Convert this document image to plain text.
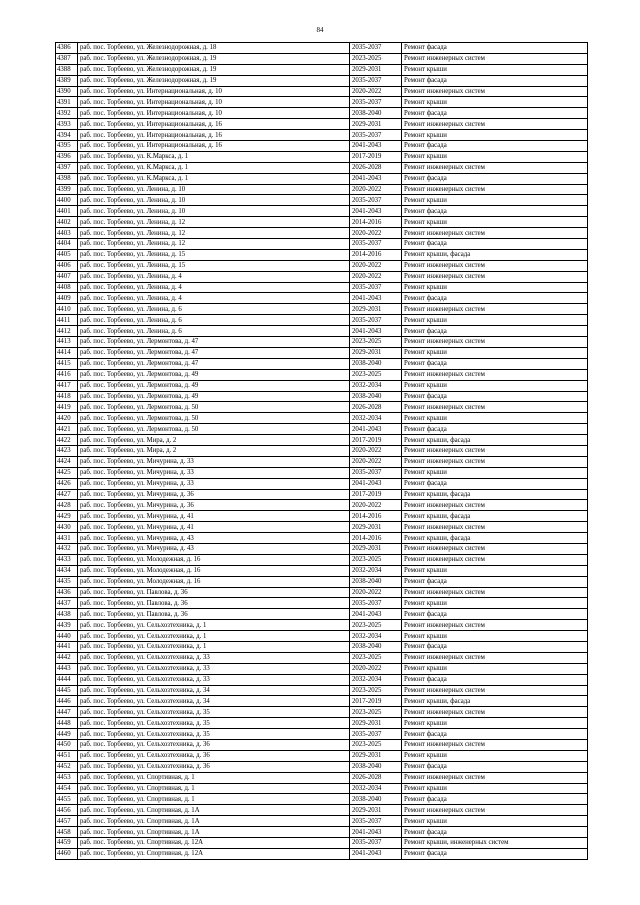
84
4386	раб. пос. Торбеево, ул. Железнодорожная, д. 18	2035-2037	Ремонт фасада
4387	раб. пос. Торбеево, ул. Железнодорожная, д. 19	2023-2025	Ремонт инженерных систем
4388	раб. пос. Торбеево, ул. Железнодорожная, д. 19	2029-2031	Ремонт крыши
4389	раб. пос. Торбеево, ул. Железнодорожная, д. 19	2035-2037	Ремонт фасада
4390	раб. пос. Торбеево, ул. Интернациональная, д. 10	2020-2022	Ремонт инженерных систем
4391	раб. пос. Торбеево, ул. Интернациональная, д. 10	2035-2037	Ремонт крыши
4392	раб. пос. Торбеево, ул. Интернациональная, д. 10	2038-2040	Ремонт фасада
4393	раб. пос. Торбеево, ул. Интернациональная, д. 16	2029-2031	Ремонт инженерных систем
4394	раб. пос. Торбеево, ул. Интернациональная, д. 16	2035-2037	Ремонт крыши
4395	раб. пос. Торбеево, ул. Интернациональная, д. 16	2041-2043	Ремонт фасада
4396	раб. пос. Торбеево, ул. К.Маркса, д. 1	2017-2019	Ремонт крыши
4397	раб. пос. Торбеево, ул. К.Маркса, д. 1	2026-2028	Ремонт инженерных систем
4398	раб. пос. Торбеево, ул. К.Маркса, д. 1	2041-2043	Ремонт фасада
4399	раб. пос. Торбеево, ул. Ленина, д. 10	2020-2022	Ремонт инженерных систем
4400	раб. пос. Торбеево, ул. Ленина, д. 10	2035-2037	Ремонт крыши
4401	раб. пос. Торбеево, ул. Ленина, д. 10	2041-2043	Ремонт фасада
4402	раб. пос. Торбеево, ул. Ленина, д. 12	2014-2016	Ремонт крыши
4403	раб. пос. Торбеево, ул. Ленина, д. 12	2020-2022	Ремонт инженерных систем
4404	раб. пос. Торбеево, ул. Ленина, д. 12	2035-2037	Ремонт фасада
4405	раб. пос. Торбеево, ул. Ленина, д. 15	2014-2016	Ремонт крыши, фасада
4406	раб. пос. Торбеево, ул. Ленина, д. 15	2020-2022	Ремонт инженерных систем
4407	раб. пос. Торбеево, ул. Ленина, д. 4	2020-2022	Ремонт инженерных систем
4408	раб. пос. Торбеево, ул. Ленина, д. 4	2035-2037	Ремонт крыши
4409	раб. пос. Торбеево, ул. Ленина, д. 4	2041-2043	Ремонт фасада
4410	раб. пос. Торбеево, ул. Ленина, д. 6	2029-2031	Ремонт инженерных систем
4411	раб. пос. Торбеево, ул. Ленина, д. 6	2035-2037	Ремонт крыши
4412	раб. пос. Торбеево, ул. Ленина, д. 6	2041-2043	Ремонт фасада
4413	раб. пос. Торбеево, ул. Лермонтова, д. 47	2023-2025	Ремонт инженерных систем
4414	раб. пос. Торбеево, ул. Лермонтова, д. 47	2029-2031	Ремонт крыши
4415	раб. пос. Торбеево, ул. Лермонтова, д. 47	2038-2040	Ремонт фасада
4416	раб. пос. Торбеево, ул. Лермонтова, д. 49	2023-2025	Ремонт инженерных систем
4417	раб. пос. Торбеево, ул. Лермонтова, д. 49	2032-2034	Ремонт крыши
4418	раб. пос. Торбеево, ул. Лермонтова, д. 49	2038-2040	Ремонт фасада
4419	раб. пос. Торбеево, ул. Лермонтова, д. 50	2026-2028	Ремонт инженерных систем
4420	раб. пос. Торбеево, ул. Лермонтова, д. 50	2032-2034	Ремонт крыши
4421	раб. пос. Торбеево, ул. Лермонтова, д. 50	2041-2043	Ремонт фасада
4422	раб. пос. Торбеево, ул. Мира, д. 2	2017-2019	Ремонт крыши, фасада
4423	раб. пос. Торбеево, ул. Мира, д. 2	2020-2022	Ремонт инженерных систем
4424	раб. пос. Торбеево, ул. Мичурина, д. 33	2020-2022	Ремонт инженерных систем
4425	раб. пос. Торбеево, ул. Мичурина, д. 33	2035-2037	Ремонт крыши
4426	раб. пос. Торбеево, ул. Мичурина, д. 33	2041-2043	Ремонт фасада
4427	раб. пос. Торбеево, ул. Мичурина, д. 36	2017-2019	Ремонт крыши, фасада
4428	раб. пос. Торбеево, ул. Мичурина, д. 36	2020-2022	Ремонт инженерных систем
4429	раб. пос. Торбеево, ул. Мичурина, д. 41	2014-2016	Ремонт крыши, фасада
4430	раб. пос. Торбеево, ул. Мичурина, д. 41	2029-2031	Ремонт инженерных систем
4431	раб. пос. Торбеево, ул. Мичурина, д. 43	2014-2016	Ремонт крыши, фасада
4432	раб. пос. Торбеево, ул. Мичурина, д. 43	2029-2031	Ремонт инженерных систем
4433	раб. пос. Торбеево, ул. Молодежная, д. 16	2023-2025	Ремонт инженерных систем
4434	раб. пос. Торбеево, ул. Молодежная, д. 16	2032-2034	Ремонт крыши
4435	раб. пос. Торбеево, ул. Молодежная, д. 16	2038-2040	Ремонт фасада
4436	раб. пос. Торбеево, ул. Павлова, д. 36	2020-2022	Ремонт инженерных систем
4437	раб. пос. Торбеево, ул. Павлова, д. 36	2035-2037	Ремонт крыши
4438	раб. пос. Торбеево, ул. Павлова, д. 36	2041-2043	Ремонт фасада
4439	раб. пос. Торбеево, ул. Сельхозтехника, д. 1	2023-2025	Ремонт инженерных систем
4440	раб. пос. Торбеево, ул. Сельхозтехника, д. 1	2032-2034	Ремонт крыши
4441	раб. пос. Торбеево, ул. Сельхозтехника, д. 1	2038-2040	Ремонт фасада
4442	раб. пос. Торбеево, ул. Сельхозтехника, д. 33	2023-2025	Ремонт инженерных систем
4443	раб. пос. Торбеево, ул. Сельхозтехника, д. 33	2020-2022	Ремонт крыши
4444	раб. пос. Торбеево, ул. Сельхозтехника, д. 33	2032-2034	Ремонт фасада
4445	раб. пос. Торбеево, ул. Сельхозтехника, д. 34	2023-2025	Ремонт инженерных систем
4446	раб. пос. Торбеево, ул. Сельхозтехника, д. 34	2017-2019	Ремонт крыши, фасада
4447	раб. пос. Торбеево, ул. Сельхозтехника, д. 35	2023-2025	Ремонт инженерных систем
4448	раб. пос. Торбеево, ул. Сельхозтехника, д. 35	2029-2031	Ремонт крыши
4449	раб. пос. Торбеево, ул. Сельхозтехника, д. 35	2035-2037	Ремонт фасада
4450	раб. пос. Торбеево, ул. Сельхозтехника, д. 36	2023-2025	Ремонт инженерных систем
4451	раб. пос. Торбеево, ул. Сельхозтехника, д. 36	2029-2031	Ремонт крыши
4452	раб. пос. Торбеево, ул. Сельхозтехника, д. 36	2038-2040	Ремонт фасада
4453	раб. пос. Торбеево, ул. Спортивная, д. 1	2026-2028	Ремонт инженерных систем
4454	раб. пос. Торбеево, ул. Спортивная, д. 1	2032-2034	Ремонт крыши
4455	раб. пос. Торбеево, ул. Спортивная, д. 1	2038-2040	Ремонт фасада
4456	раб. пос. Торбеево, ул. Спортивная, д. 1А	2029-2031	Ремонт инженерных систем
4457	раб. пос. Торбеево, ул. Спортивная, д. 1А	2035-2037	Ремонт крыши
4458	раб. пос. Торбеево, ул. Спортивная, д. 1А	2041-2043	Ремонт фасада
4459	раб. пос. Торбеево, ул. Спортивная, д. 12А	2035-2037	Ремонт крыши, инженерных систем
4460	раб. пос. Торбеево, ул. Спортивная, д. 12А	2041-2043	Ремонт фасада
